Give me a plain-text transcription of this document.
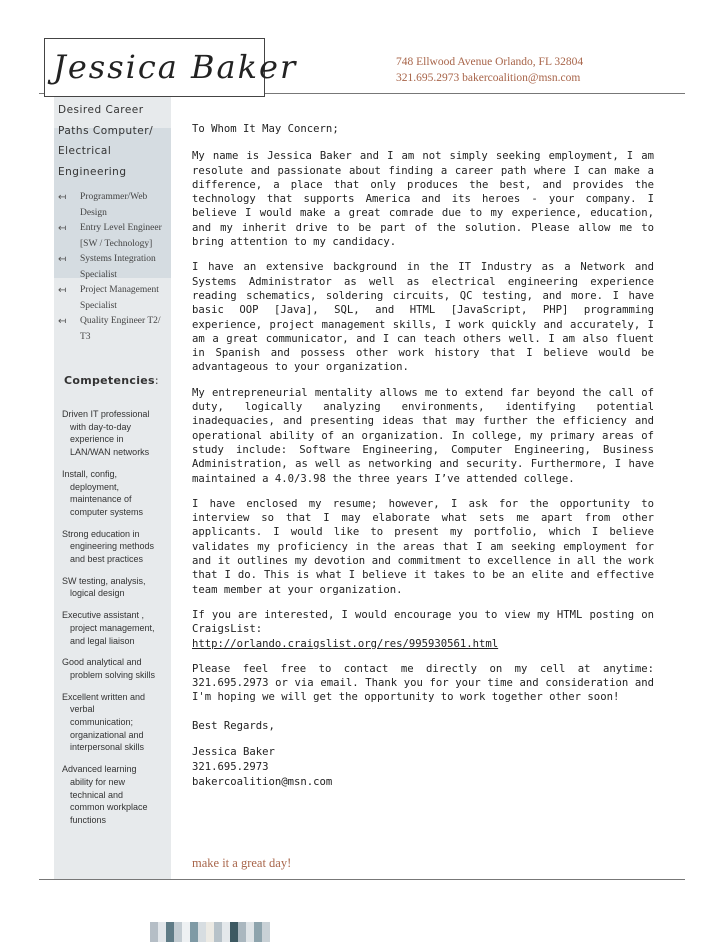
Jessica Baker	748 Ellwood Avenue Orlando, FL 32804
321.695.2973 bakercoalition@msn.com
Desired Career
Paths Computer/
Electrical
Engineering
↤ Programmer/Web
Design
↤ Entry Level Engineer
[SW / Technology]
↤ Systems Integration
Specialist
↤ Project Management
Specialist
↤ Quality Engineer T2/
T3
Competencies:
Driven IT professional
with day-to-day
experience in
LAN/WAN networks
Install, config,
deployment,
maintenance of
computer systems
Strong education in
engineering methods
and best practices
SW testing, analysis,
logical design
Executive assistant ,
project management,
and legal liaison
Good analytical and
problem solving skills
Excellent written and
verbal
communication;
organizational and
interpersonal skills
Advanced learning
ability for new
technical and
common workplace
functions

To Whom It May Concern;

My name is Jessica Baker and I am not simply seeking employment, I am resolute and passionate about finding a career path where I can make a difference, a place that only produces the best, and provides the technology that supports America and its heroes - your company. I believe I would make a great comrade due to my experience, education, and my inherit drive to be part of the solution. Please allow me to bring attention to my candidacy.

I have an extensive background in the IT Industry as a Network and Systems Administrator as well as electrical engineering experience reading schematics, soldering circuits, QC testing, and more. I have basic OOP [Java], SQL, and HTML [JavaScript, PHP] programming experience, project management skills, I work quickly and accurately, I am a great communicator, and I can teach others well. I am also fluent in Spanish and possess other work history that I believe would be advantageous to your organization.

My entrepreneurial mentality allows me to extend far beyond the call of duty, logically analyzing environments, identifying potential inadequacies, and presenting ideas that may further the efficiency and operational ability of an organization. In college, my primary areas of study include: Software Engineering, Computer Engineering, Business Administration, as well as networking and security. Furthermore, I have maintained a 4.0/3.98 the three years I’ve attended college.

I have enclosed my resume; however, I ask for the opportunity to interview so that I may elaborate what sets me apart from other applicants. I would like to present my portfolio, which I believe validates my proficiency in the areas that I am seeking employment for and it outlines my devotion and commitment to excellence in all the work that I do. This is what I believe it takes to be an elite and effective team member at your organization.

If you are interested, I would encourage you to view my HTML posting on CraigsList:
http://orlando.craigslist.org/res/995930561.html

Please feel free to contact me directly on my cell at anytime: 321.695.2973 or via email. Thank you for your time and consideration and I'm hoping we will get the opportunity to work together other soon!

Best Regards,

Jessica Baker

321.695.2973

bakercoalition@msn.com

make it a great day!
